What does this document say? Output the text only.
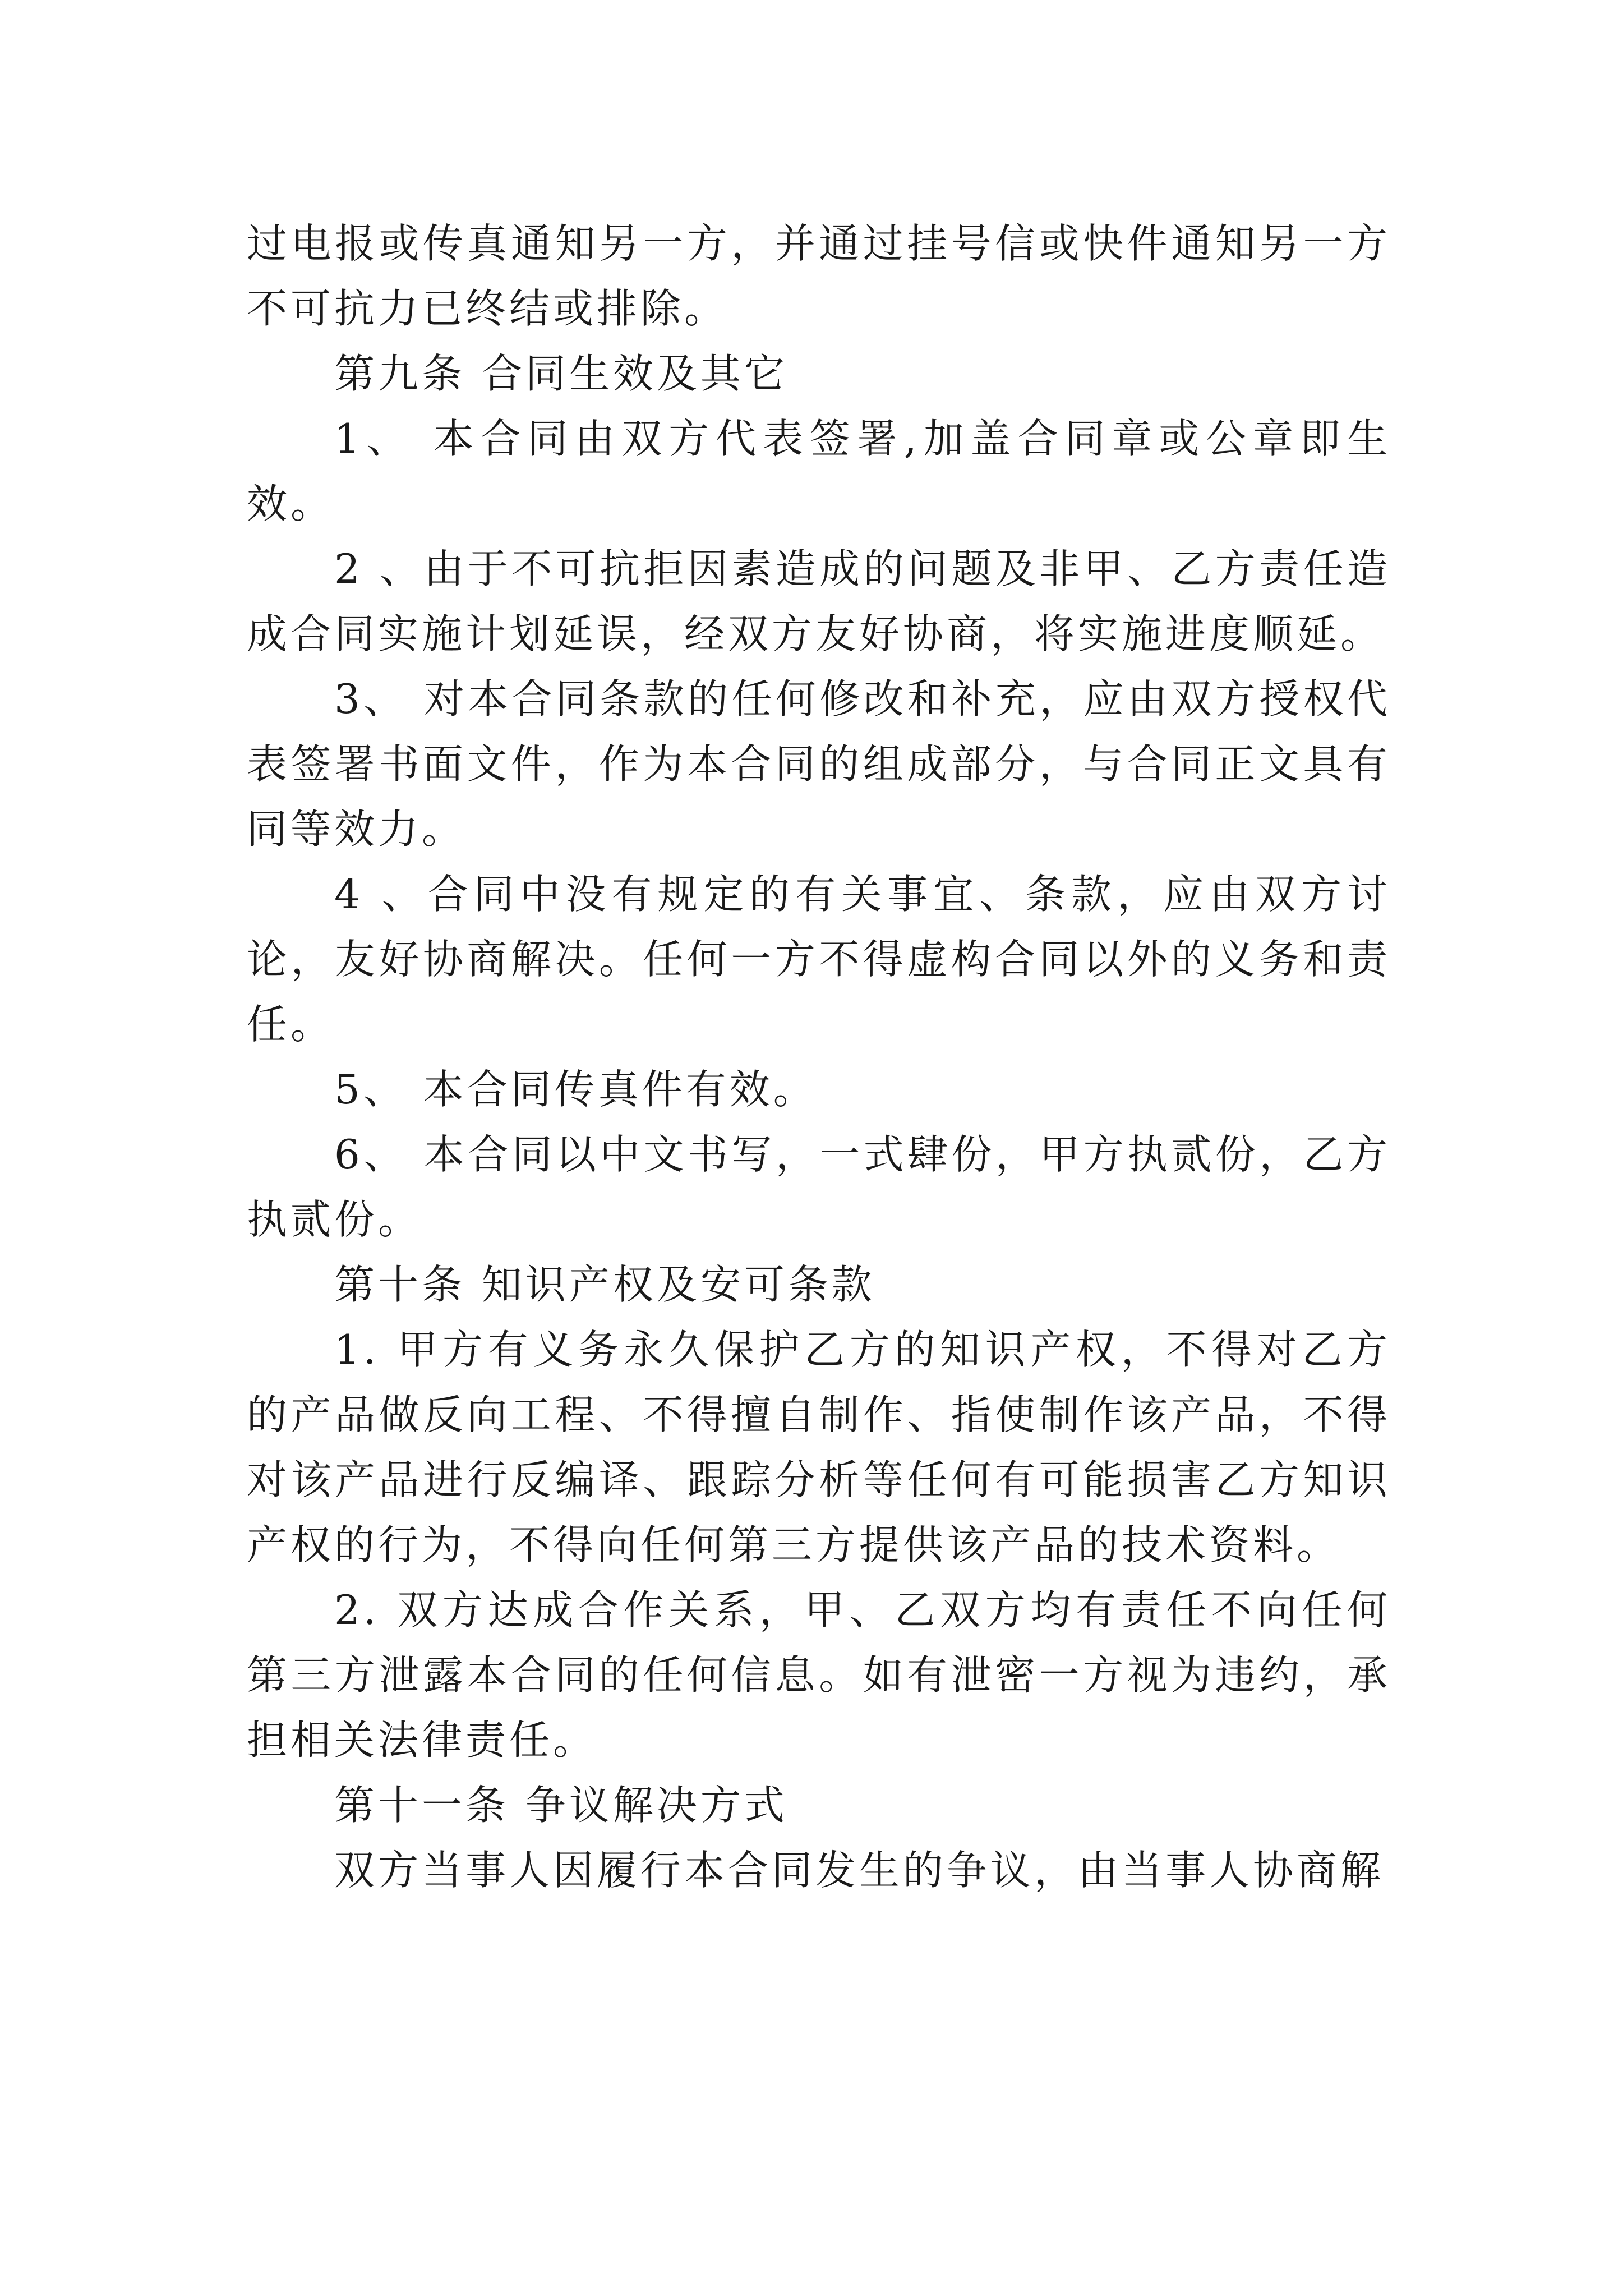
过电报或传真通知另一方，并通过挂号信或快件通知另一方不可抗力已终结或排除。

第九条 合同生效及其它

1、 本合同由双方代表签署,加盖合同章或公章即生效。

2 、由于不可抗拒因素造成的问题及非甲、乙方责任造成合同实施计划延误，经双方友好协商，将实施进度顺延。

3、 对本合同条款的任何修改和补充，应由双方授权代表签署书面文件，作为本合同的组成部分，与合同正文具有同等效力。

4 、合同中没有规定的有关事宜、条款，应由双方讨论，友好协商解决。任何一方不得虚构合同以外的义务和责任。

5、 本合同传真件有效。

6、 本合同以中文书写，一式肆份，甲方执贰份，乙方执贰份。

第十条 知识产权及安可条款

1. 甲方有义务永久保护乙方的知识产权，不得对乙方的产品做反向工程、不得擅自制作、指使制作该产品，不得对该产品进行反编译、跟踪分析等任何有可能损害乙方知识产权的行为，不得向任何第三方提供该产品的技术资料。

2. 双方达成合作关系，甲、乙双方均有责任不向任何第三方泄露本合同的任何信息。如有泄密一方视为违约，承担相关法律责任。

第十一条 争议解决方式

双方当事人因履行本合同发生的争议，由当事人协商解
